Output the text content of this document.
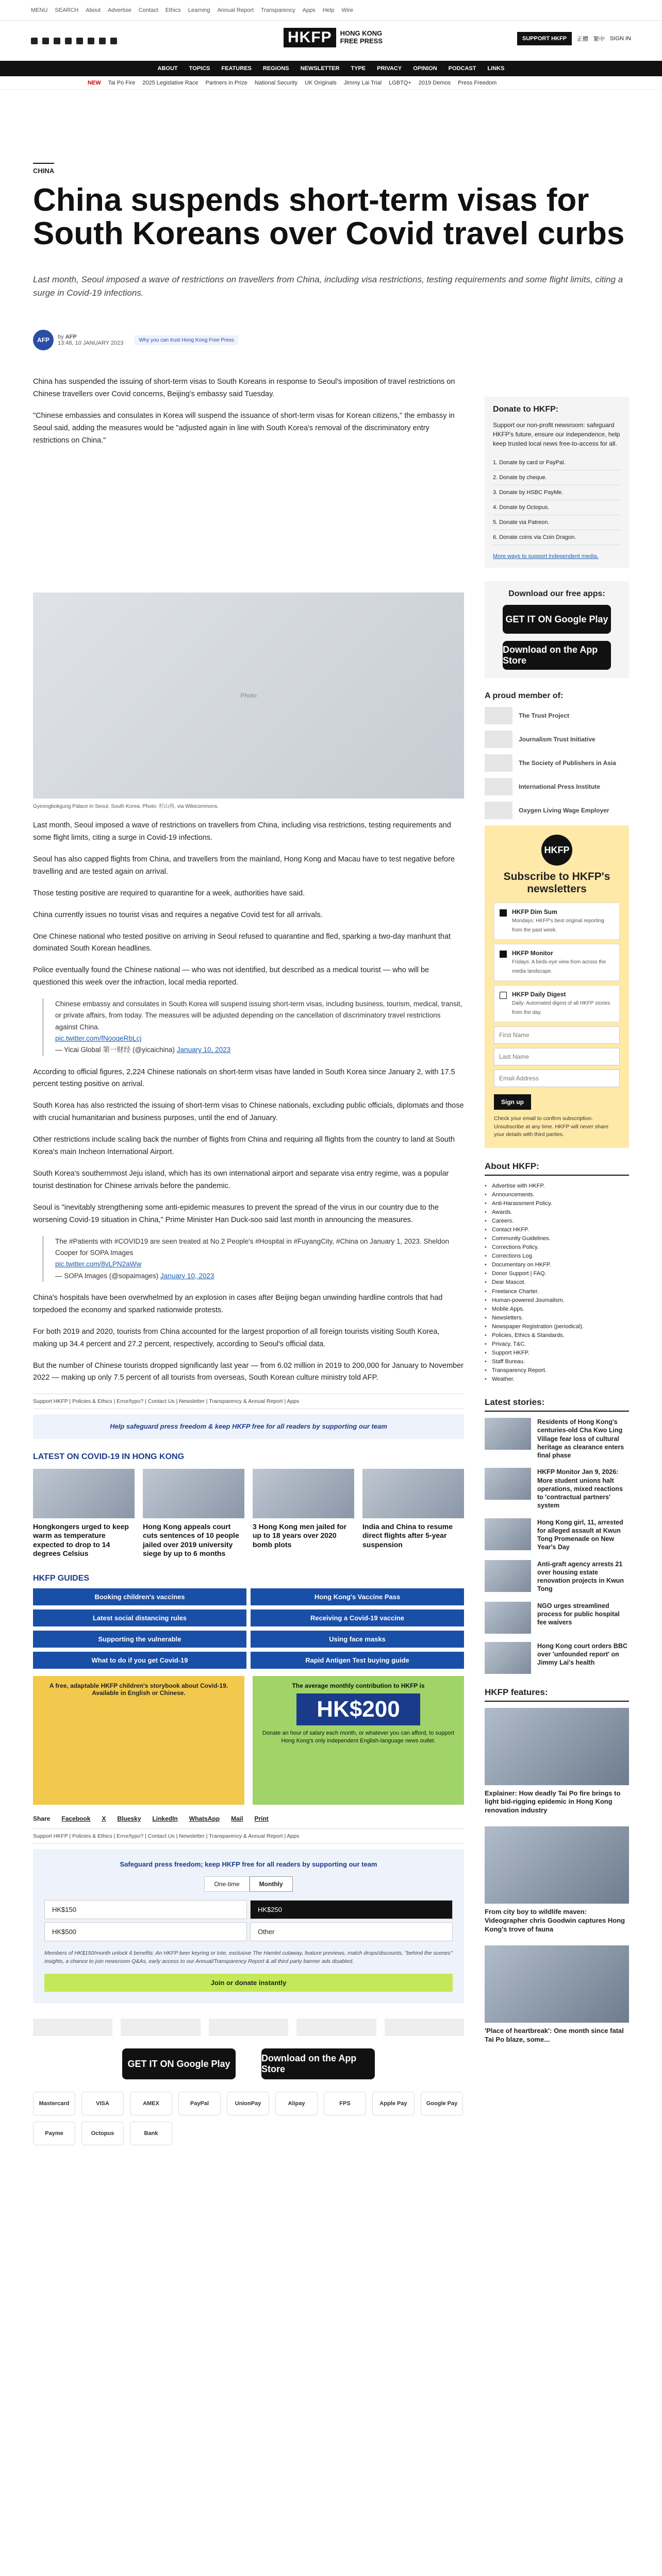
MENU SEARCH About Advertise Contact Ethics Learning Annual Report Transparency Apps Help Wire
HKFP	HONG KONG
FREE PRESS	SUPPORT HKFP	正體 繁中 SIGN IN
ABOUT TOPICS FEATURES REGIONS NEWSLETTER TYPE PRIVACY OPINION PODCAST LINKS
NEW Tai Po Fire 2025 Legislative Race Partners in Prize National Security UK Originals Jimmy Lai Trial LGBTQ+ 2019 Demos Press Freedom
CHINA
China suspends short-term visas for South Koreans over Covid travel curbs
Last month, Seoul imposed a wave of restrictions on travellers from China, including visa restrictions, testing requirements and some flight limits, citing a surge in Covid-19 infections.
AFP	by AFP
13:48, 10 JANUARY 2023	Why you can trust Hong Kong Free Press

China has suspended the issuing of short-term visas to South Koreans in response to Seoul's imposition of travel restrictions on Chinese travellers over Covid concerns, Beijing's embassy said Tuesday.

"Chinese embassies and consulates in Korea will suspend the issuance of short-term visas for Korean citizens," the embassy in Seoul said, adding the measures would be "adjusted again in line with South Korea's removal of the discriminatory entry restrictions on China."

Photo
Gyeongbokgung Palace in Seoul, South Korea. Photo: 杉山尚, via Wikicommons.

Last month, Seoul imposed a wave of restrictions on travellers from China, including visa restrictions, testing requirements and some flight limits, citing a surge in Covid-19 infections.

Seoul has also capped flights from China, and travellers from the mainland, Hong Kong and Macau have to test negative before travelling and are tested again on arrival.

Those testing positive are required to quarantine for a week, authorities have said.

China currently issues no tourist visas and requires a negative Covid test for all arrivals.

One Chinese national who tested positive on arriving in Seoul refused to quarantine and fled, sparking a two-day manhunt that dominated South Korean headlines.

Police eventually found the Chinese national — who was not identified, but described as a medical tourist — who will be questioned this week over the infraction, local media reported.

Chinese embassy and consulates in South Korea will suspend issuing short-term visas, including business, tourism, medical, transit, or private affairs, from today. The measures will be adjusted depending on the cancellation of discriminatory travel restrictions against China.
pic.twitter.com/fNooqeRbLcj
— Yicai Global 第一财经 (@yicaichina) January 10, 2023

According to official figures, 2,224 Chinese nationals on short-term visas have landed in South Korea since January 2, with 17.5 percent testing positive on arrival.

South Korea has also restricted the issuing of short-term visas to Chinese nationals, excluding public officials, diplomats and those with crucial humanitarian and business purposes, until the end of January.

Other restrictions include scaling back the number of flights from China and requiring all flights from the country to land at South Korea's main Incheon International Airport.

South Korea's southernmost Jeju island, which has its own international airport and separate visa entry regime, was a popular tourist destination for Chinese arrivals before the pandemic.

Seoul is "inevitably strengthening some anti-epidemic measures to prevent the spread of the virus in our country due to the worsening Covid-19 situation in China," Prime Minister Han Duck-soo said last month in announcing the measures.

The #Patients with #COVID19 are seen treated at No.2 People's #Hospital in #FuyangCity, #China on January 1, 2023. Sheldon Cooper for SOPA Images
pic.twitter.com/8vLPN2aWw
— SOPA Images (@sopaimages) January 10, 2023

China's hospitals have been overwhelmed by an explosion in cases after Beijing began unwinding hardline controls that had torpedoed the economy and sparked nationwide protests.

For both 2019 and 2020, tourists from China accounted for the largest proportion of all foreign tourists visiting South Korea, making up 34.4 percent and 27.2 percent, respectively, according to Seoul's official data.

But the number of Chinese tourists dropped significantly last year — from 6.02 million in 2019 to 200,000 for January to November 2022 — making up only 7.5 percent of all tourists from overseas, South Korean culture ministry told AFP.

Support HKFP | Policies & Ethics | Error/typo? | Contact Us | Newsletter | Transparency & Annual Report | Apps
Help safeguard press freedom & keep HKFP free for all readers by supporting our team
LATEST ON COVID-19 IN HONG KONG
Hongkongers urged to keep warm as temperature expected to drop to 14 degrees Celsius
Hong Kong appeals court cuts sentences of 10 people jailed over 2019 university siege by up to 6 months
3 Hong Kong men jailed for up to 18 years over 2020 bomb plots
India and China to resume direct flights after 5-year suspension
HKFP GUIDES
Booking children's vaccines	Hong Kong's Vaccine Pass
Latest social distancing rules	Receiving a Covid-19 vaccine
Supporting the vulnerable	Using face masks
What to do if you get Covid-19	Rapid Antigen Test buying guide
A free, adaptable HKFP children's storybook about Covid-19. Available in English or Chinese.
The average monthly contribution to HKFP is
HK$200
Donate an hour of salary each month, or whatever you can afford, to support Hong Kong's only independent English-language news outlet.
Share Facebook X Bluesky LinkedIn WhatsApp Mail Print
Support HKFP | Policies & Ethics | Error/typo? | Contact Us | Newsletter | Transparency & Annual Report | Apps
Safeguard press freedom; keep HKFP free for all readers by supporting our team
One-time	Monthly
HK$150	HK$250
HK$500	Other
Members of HK$150/month unlock 6 benefits: An HKFP beer keyring or tote, exclusive The Hamlet cutaway, feature previews, match drops/discounts, "behind the scenes" insights, a chance to join newsroom Q&As, early access to our Annual/Transparency Report & all third party banner ads disabled.
Join or donate instantly
GET IT ON Google Play
Download on the App Store
Mastercard	VISA	AMEX	PayPal	UnionPay	Alipay	FPS	Apple Pay	Google Pay
Payme	Octopus	Bank
Donate to HKFP:
Support our non-profit newsroom: safeguard HKFP's future, ensure our independence, help keep trusted local news free-to-access for all.
1. Donate by card or PayPal.
2. Donate by cheque.
3. Donate by HSBC PayMe.
4. Donate by Octopus.
5. Donate via Patreon.
6. Donate coins via Coin Dragon.
More ways to support independent media.
Download our free apps:
GET IT ON Google Play
Download on the App Store
A proud member of:
The Trust Project
Journalism Trust Initiative
The Society of Publishers in Asia
International Press Institute
Oxygen Living Wage Employer
HKFP
Subscribe to HKFP's newsletters
HKFP Dim Sum
Mondays: HKFP's best original reporting from the past week.
HKFP Monitor
Fridays: A birds-eye view from across the media landscape.
HKFP Daily Digest
Daily: Automated digest of all HKFP stories from the day.
First Name
Last Name
Email Address
Sign up
Check your email to confirm subscription. Unsubscribe at any time. HKFP will never share your details with third parties.
About HKFP:
• Advertise with HKFP.
• Announcements.
• Anti-Harassment Policy.
• Awards.
• Careers.
• Contact HKFP.
• Community Guidelines.
• Corrections Policy.
• Corrections Log.
• Documentary on HKFP.
• Donor Support | FAQ.
• Dear Mascot.
• Freelance Charter.
• Human-powered Journalism.
• Mobile Apps.
• Newsletters.
• Newspaper Registration (periodical).
• Policies, Ethics & Standards.
• Privacy, T&C.
• Support HKFP.
• Staff Bureau.
• Transparency Report.
• Weather.
Latest stories:
Residents of Hong Kong's centuries-old Cha Kwo Ling Village fear loss of cultural heritage as clearance enters final phase
HKFP Monitor Jan 9, 2026: More student unions halt operations, mixed reactions to 'contractual partners' system
Hong Kong girl, 11, arrested for alleged assault at Kwun Tong Promenade on New Year's Day
Anti-graft agency arrests 21 over housing estate renovation projects in Kwun Tong
NGO urges streamlined process for public hospital fee waivers
Hong Kong court orders BBC over 'unfounded report' on Jimmy Lai's health
HKFP features:
Explainer: How deadly Tai Po fire brings to light bid-rigging epidemic in Hong Kong renovation industry
From city boy to wildlife maven: Videographer chris Goodwin captures Hong Kong's trove of fauna
'Place of heartbreak': One month since fatal Tai Po blaze, some...
